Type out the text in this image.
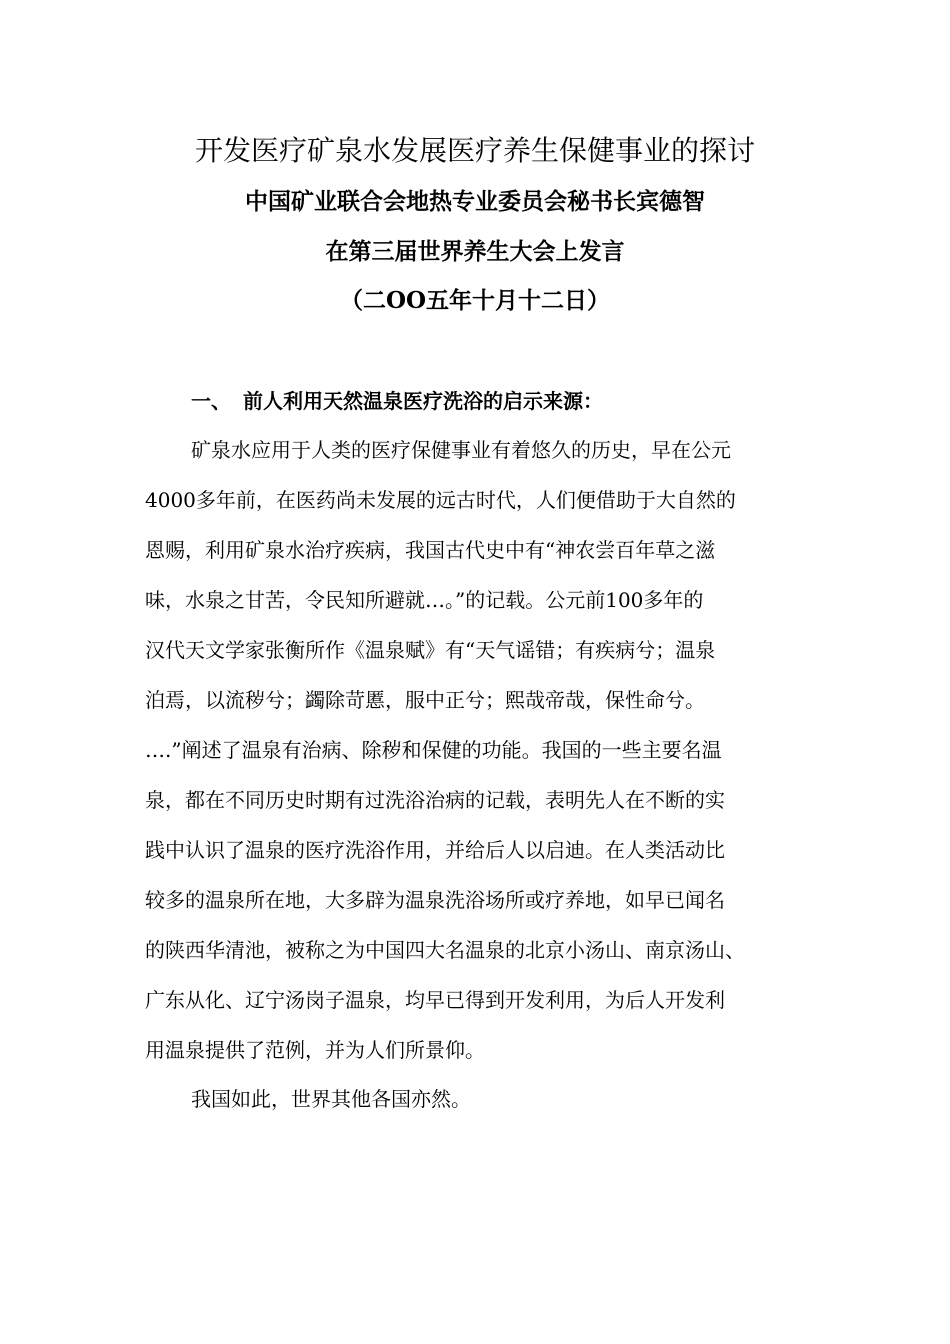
开发医疗矿泉水发展医疗养生保健事业的探讨
中国矿业联合会地热专业委员会秘书长宾德智
在第三届世界养生大会上发言
（二OO五年十月十二日）
一、 前人利用天然温泉医疗洗浴的启示来源：
矿泉水应用于人类的医疗保健事业有着悠久的历史，早在公元
4000多年前，在医药尚未发展的远古时代，人们便借助于大自然的
恩赐，利用矿泉水治疗疾病，我国古代史中有“神农尝百年草之滋
味，水泉之甘苦，令民知所避就…。”的记载。公元前100多年的
汉代天文学家张衡所作《温泉赋》有“天气谣错；有疾病兮；温泉
泊焉，以流秽兮；蠲除苛慝，服中正兮；熙哉帝哉，保性命兮。
….”阐述了温泉有治病、除秽和保健的功能。我国的一些主要名温
泉，都在不同历史时期有过洗浴治病的记载，表明先人在不断的实
践中认识了温泉的医疗洗浴作用，并给后人以启迪。在人类活动比
较多的温泉所在地，大多辟为温泉洗浴场所或疗养地，如早已闻名
的陕西华清池，被称之为中国四大名温泉的北京小汤山、南京汤山、
广东从化、辽宁汤岗子温泉，均早已得到开发利用，为后人开发利
用温泉提供了范例，并为人们所景仰。
我国如此，世界其他各国亦然。
